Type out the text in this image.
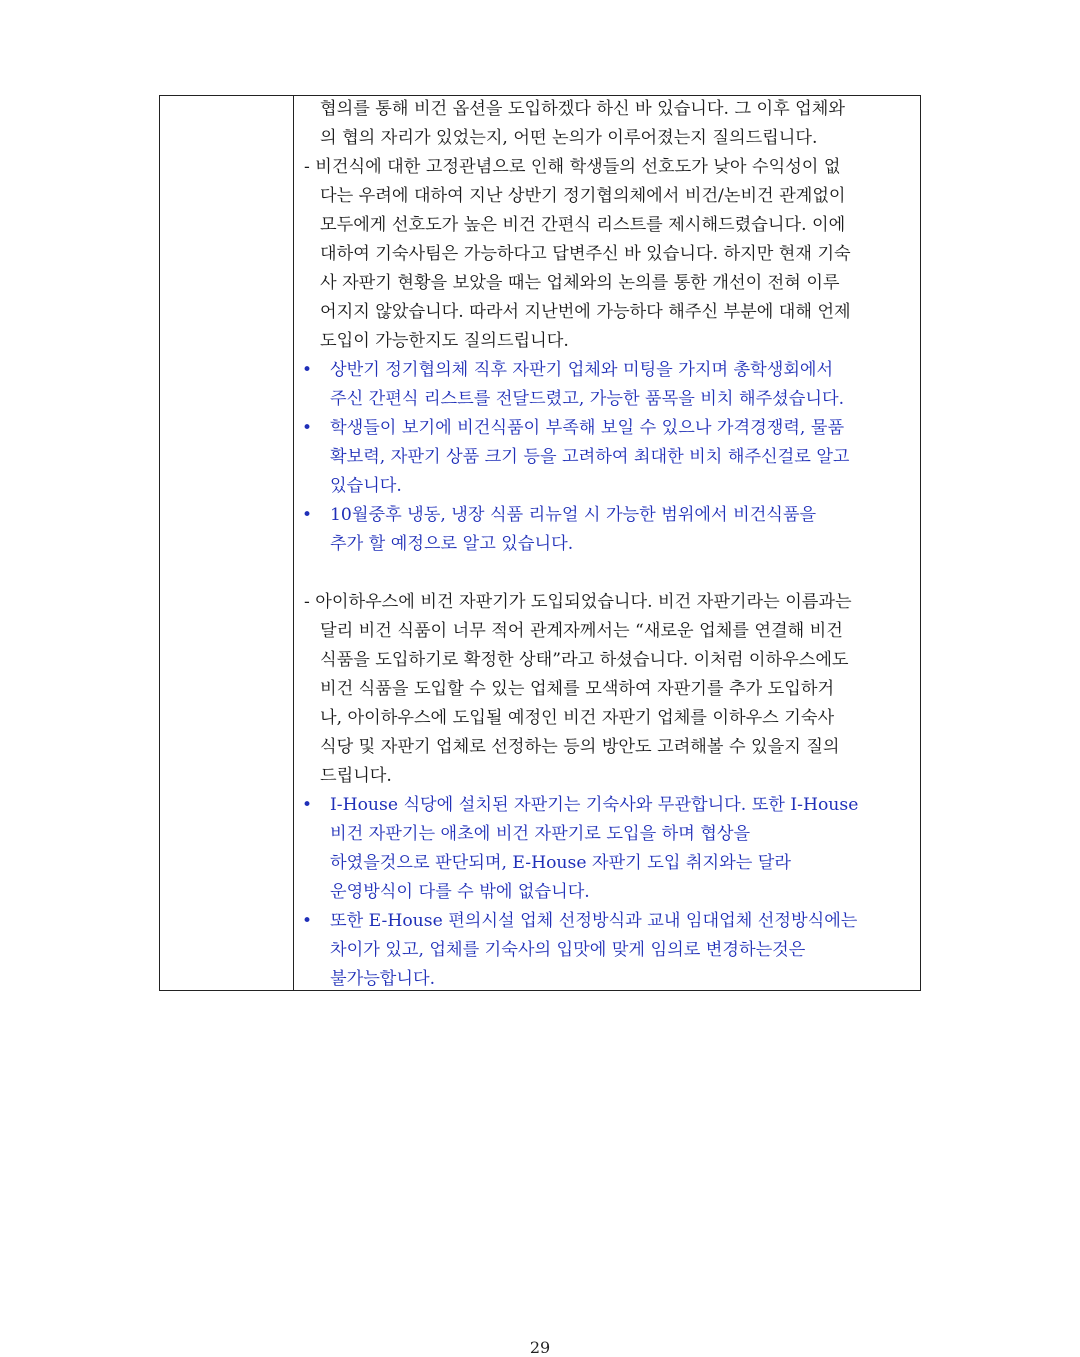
협의를 통해 비건 옵션을 도입하겠다 하신 바 있습니다. 그 이후 업체와
의 협의 자리가 있었는지, 어떤 논의가 이루어졌는지 질의드립니다.
- 비건식에 대한 고정관념으로 인해 학생들의 선호도가 낮아 수익성이 없
다는 우려에 대하여 지난 상반기 정기협의체에서 비건/논비건 관계없이
모두에게 선호도가 높은 비건 간편식 리스트를 제시해드렸습니다. 이에
대하여 기숙사팀은 가능하다고 답변주신 바 있습니다. 하지만 현재 기숙
사 자판기 현황을 보았을 때는 업체와의 논의를 통한 개선이 전혀 이루
어지지 않았습니다. 따라서 지난번에 가능하다 해주신 부분에 대해 언제
도입이 가능한지도 질의드립니다.
• 상반기 정기협의체 직후 자판기 업체와 미팅을 가지며 총학생회에서
주신 간편식 리스트를 전달드렸고, 가능한 품목을 비치 해주셨습니다.
• 학생들이 보기에 비건식품이 부족해 보일 수 있으나 가격경쟁력, 물품
확보력, 자판기 상품 크기 등을 고려하여 최대한 비치 해주신걸로 알고
있습니다.
• 10월중후 냉동, 냉장 식품 리뉴얼 시 가능한 범위에서 비건식품을
추가 할 예정으로 알고 있습니다.
- 아이하우스에 비건 자판기가 도입되었습니다. 비건 자판기라는 이름과는
달리 비건 식품이 너무 적어 관계자께서는 “새로운 업체를 연결해 비건
식품을 도입하기로 확정한 상태”라고 하셨습니다. 이처럼 이하우스에도
비건 식품을 도입할 수 있는 업체를 모색하여 자판기를 추가 도입하거
나, 아이하우스에 도입될 예정인 비건 자판기 업체를 이하우스 기숙사
식당 및 자판기 업체로 선정하는 등의 방안도 고려해볼 수 있을지 질의
드립니다.
• I-House 식당에 설치된 자판기는 기숙사와 무관합니다. 또한 I-House
비건 자판기는 애초에 비건 자판기로 도입을 하며 협상을
하였을것으로 판단되며, E-House 자판기 도입 취지와는 달라
운영방식이 다를 수 밖에 없습니다.
• 또한 E-House 편의시설 업체 선정방식과 교내 임대업체 선정방식에는
차이가 있고, 업체를 기숙사의 입맛에 맞게 임의로 변경하는것은
불가능합니다.
29
